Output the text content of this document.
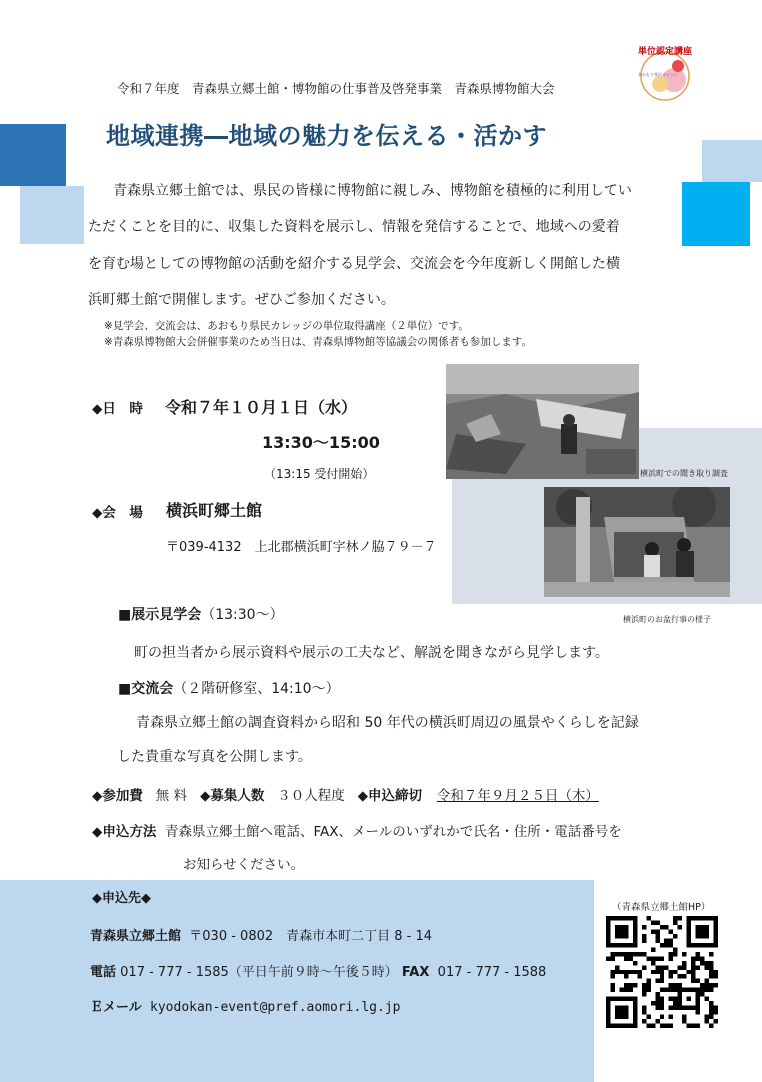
単位認定講座
あおもり県民カレッジ
令和７年度　青森県立郷土館・博物館の仕事普及啓発事業　青森県博物館大会
地域連携―地域の魅力を伝える・活かす
青森県立郷土館では、県民の皆様に博物館に親しみ、博物館を積極的に利用してい
ただくことを目的に、収集した資料を展示し、情報を発信することで、地域への愛着
を育む場としての博物館の活動を紹介する見学会、交流会を今年度新しく開館した横
浜町郷土館で開催します。ぜひご参加ください。
※見学会、交流会は、あおもり県民カレッジの単位取得講座（２単位）です。
※青森県博物館大会併催事業のため当日は、青森県博物館等協議会の関係者も参加します。
横浜町での聞き取り調査
横浜町のお盆行事の様子
◆日　時 令和７年１０月１日（水）
13:30～15:00
（13:15 受付開始）
◆会　場 横浜町郷土館
〒039-4132　上北郡横浜町字林ノ脇７９－７
■展示見学会（13:30～）
町の担当者から展示資料や展示の工夫など、解説を聞きながら見学します。
■交流会（２階研修室、14:10～）
青森県立郷土館の調査資料から昭和 50 年代の横浜町周辺の風景やくらしを記録
した貴重な写真を公開します。
◆参加費 無 料 ◆募集人数 ３０人程度 ◆申込締切 令和７年９月２５日（木）
◆申込方法 青森県立郷土館へ電話、FAX、メールのいずれかで氏名・住所・電話番号を
お知らせください。
◆申込先◆
青森県立郷土館 〒030 - 0802　青森市本町二丁目 8 - 14
電話 017 - 777 - 1585（平日午前９時～午後５時） FAX 017 - 777 - 1588
Ｅメール kyodokan-event@pref.aomori.lg.jp
（青森県立郷土館HP）
